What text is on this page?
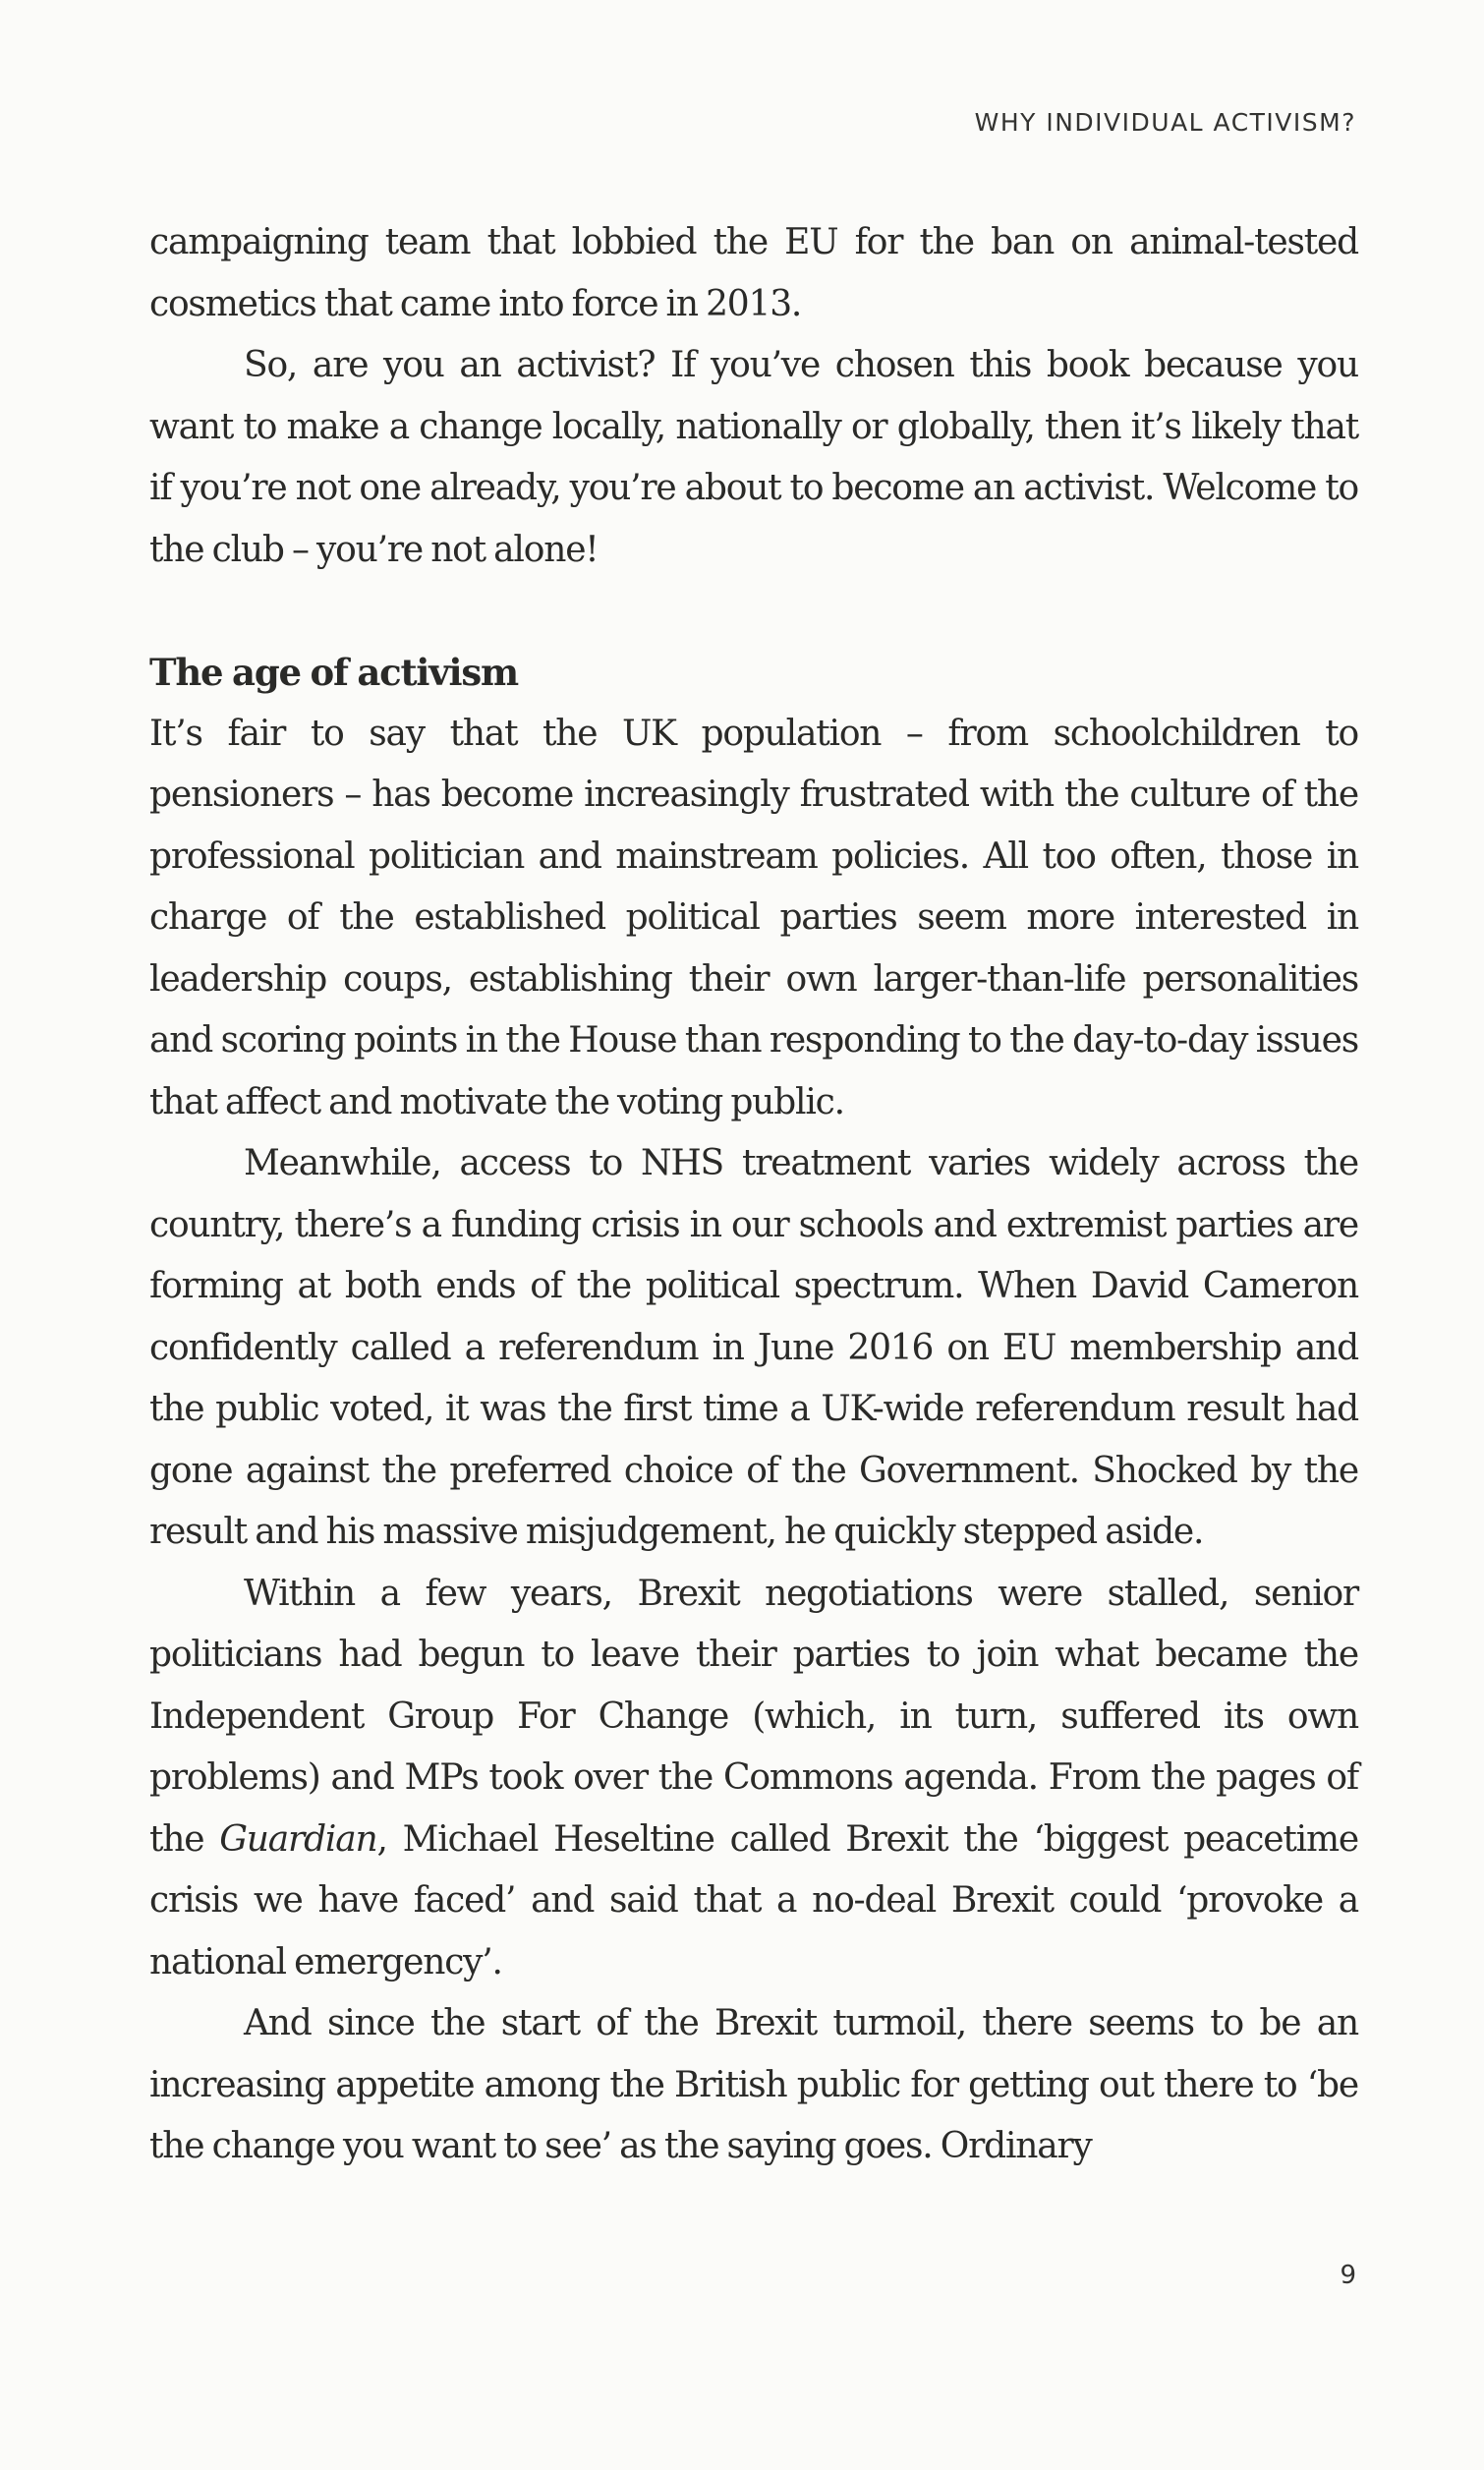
WHY INDIVIDUAL ACTIVISM?

campaigning team that lobbied the EU for the ban on animal-tested cosmetics that came into force in 2013.

So, are you an activist? If you’ve chosen this book because you want to make a change locally, nationally or globally, then it’s likely that if you’re not one already, you’re about to become an activist. Welcome to the club – you’re not alone!

The age of activism

It’s fair to say that the UK population – from schoolchildren to pensioners – has become increasingly frustrated with the culture of the professional politician and mainstream policies. All too often, those in charge of the established political parties seem more interested in leadership coups, establishing their own larger-than-life personalities and scoring points in the House than responding to the day-to-day issues that affect and motivate the voting public.

Meanwhile, access to NHS treatment varies widely across the country, there’s a funding crisis in our schools and extremist parties are forming at both ends of the political spectrum. When David Cameron confidently called a referendum in June 2016 on EU membership and the public voted, it was the first time a UK-wide referendum result had gone against the preferred choice of the Government. Shocked by the result and his massive misjudgement, he quickly stepped aside.

Within a few years, Brexit negotiations were stalled, senior politicians had begun to leave their parties to join what became the Independent Group For Change (which, in turn, suffered its own problems) and MPs took over the Commons agenda. From the pages of the Guardian, Michael Heseltine called Brexit the ‘biggest peacetime crisis we have faced’ and said that a no-deal Brexit could ‘provoke a national emergency’.

And since the start of the Brexit turmoil, there seems to be an increasing appetite among the British public for getting out there to ‘be the change you want to see’ as the saying goes. Ordinary

9
